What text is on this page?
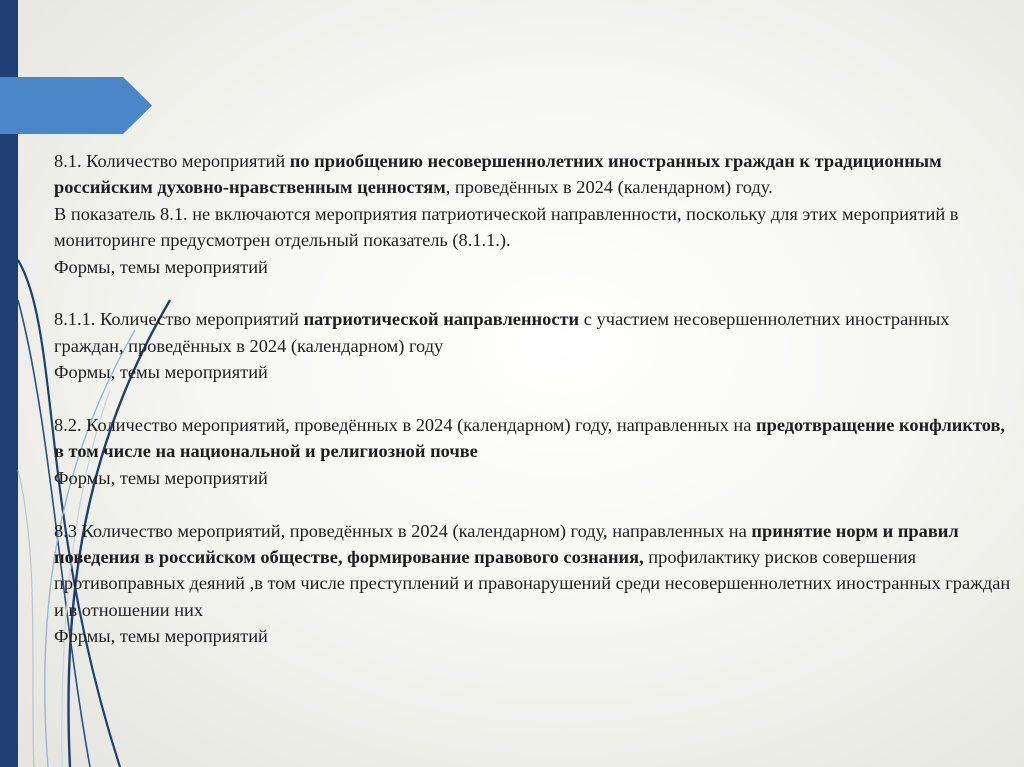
8.1. Количество мероприятий по приобщению несовершеннолетних иностранных граждан к традиционным российским духовно-нравственным ценностям, проведённых в 2024 (календарном) году.

В показатель 8.1. не включаются мероприятия патриотической направленности, поскольку для этих мероприятий в мониторинге предусмотрен отдельный показатель (8.1.1.).

Формы, темы мероприятий

8.1.1. Количество мероприятий патриотической направленности с участием несовершеннолетних иностранных граждан, проведённых в 2024 (календарном) году

Формы, темы мероприятий

8.2. Количество мероприятий, проведённых в 2024 (календарном) году, направленных на предотвращение конфликтов, в том числе на национальной и религиозной почве

Формы, темы мероприятий

8.3 Количество мероприятий, проведённых в 2024 (календарном) году, направленных на принятие норм и правил поведения в российском обществе, формирование правового сознания, профилактику рисков совершения противоправных деяний ,в том числе преступлений и правонарушений среди несовершеннолетних иностранных граждан и в отношении них

Формы, темы мероприятий
